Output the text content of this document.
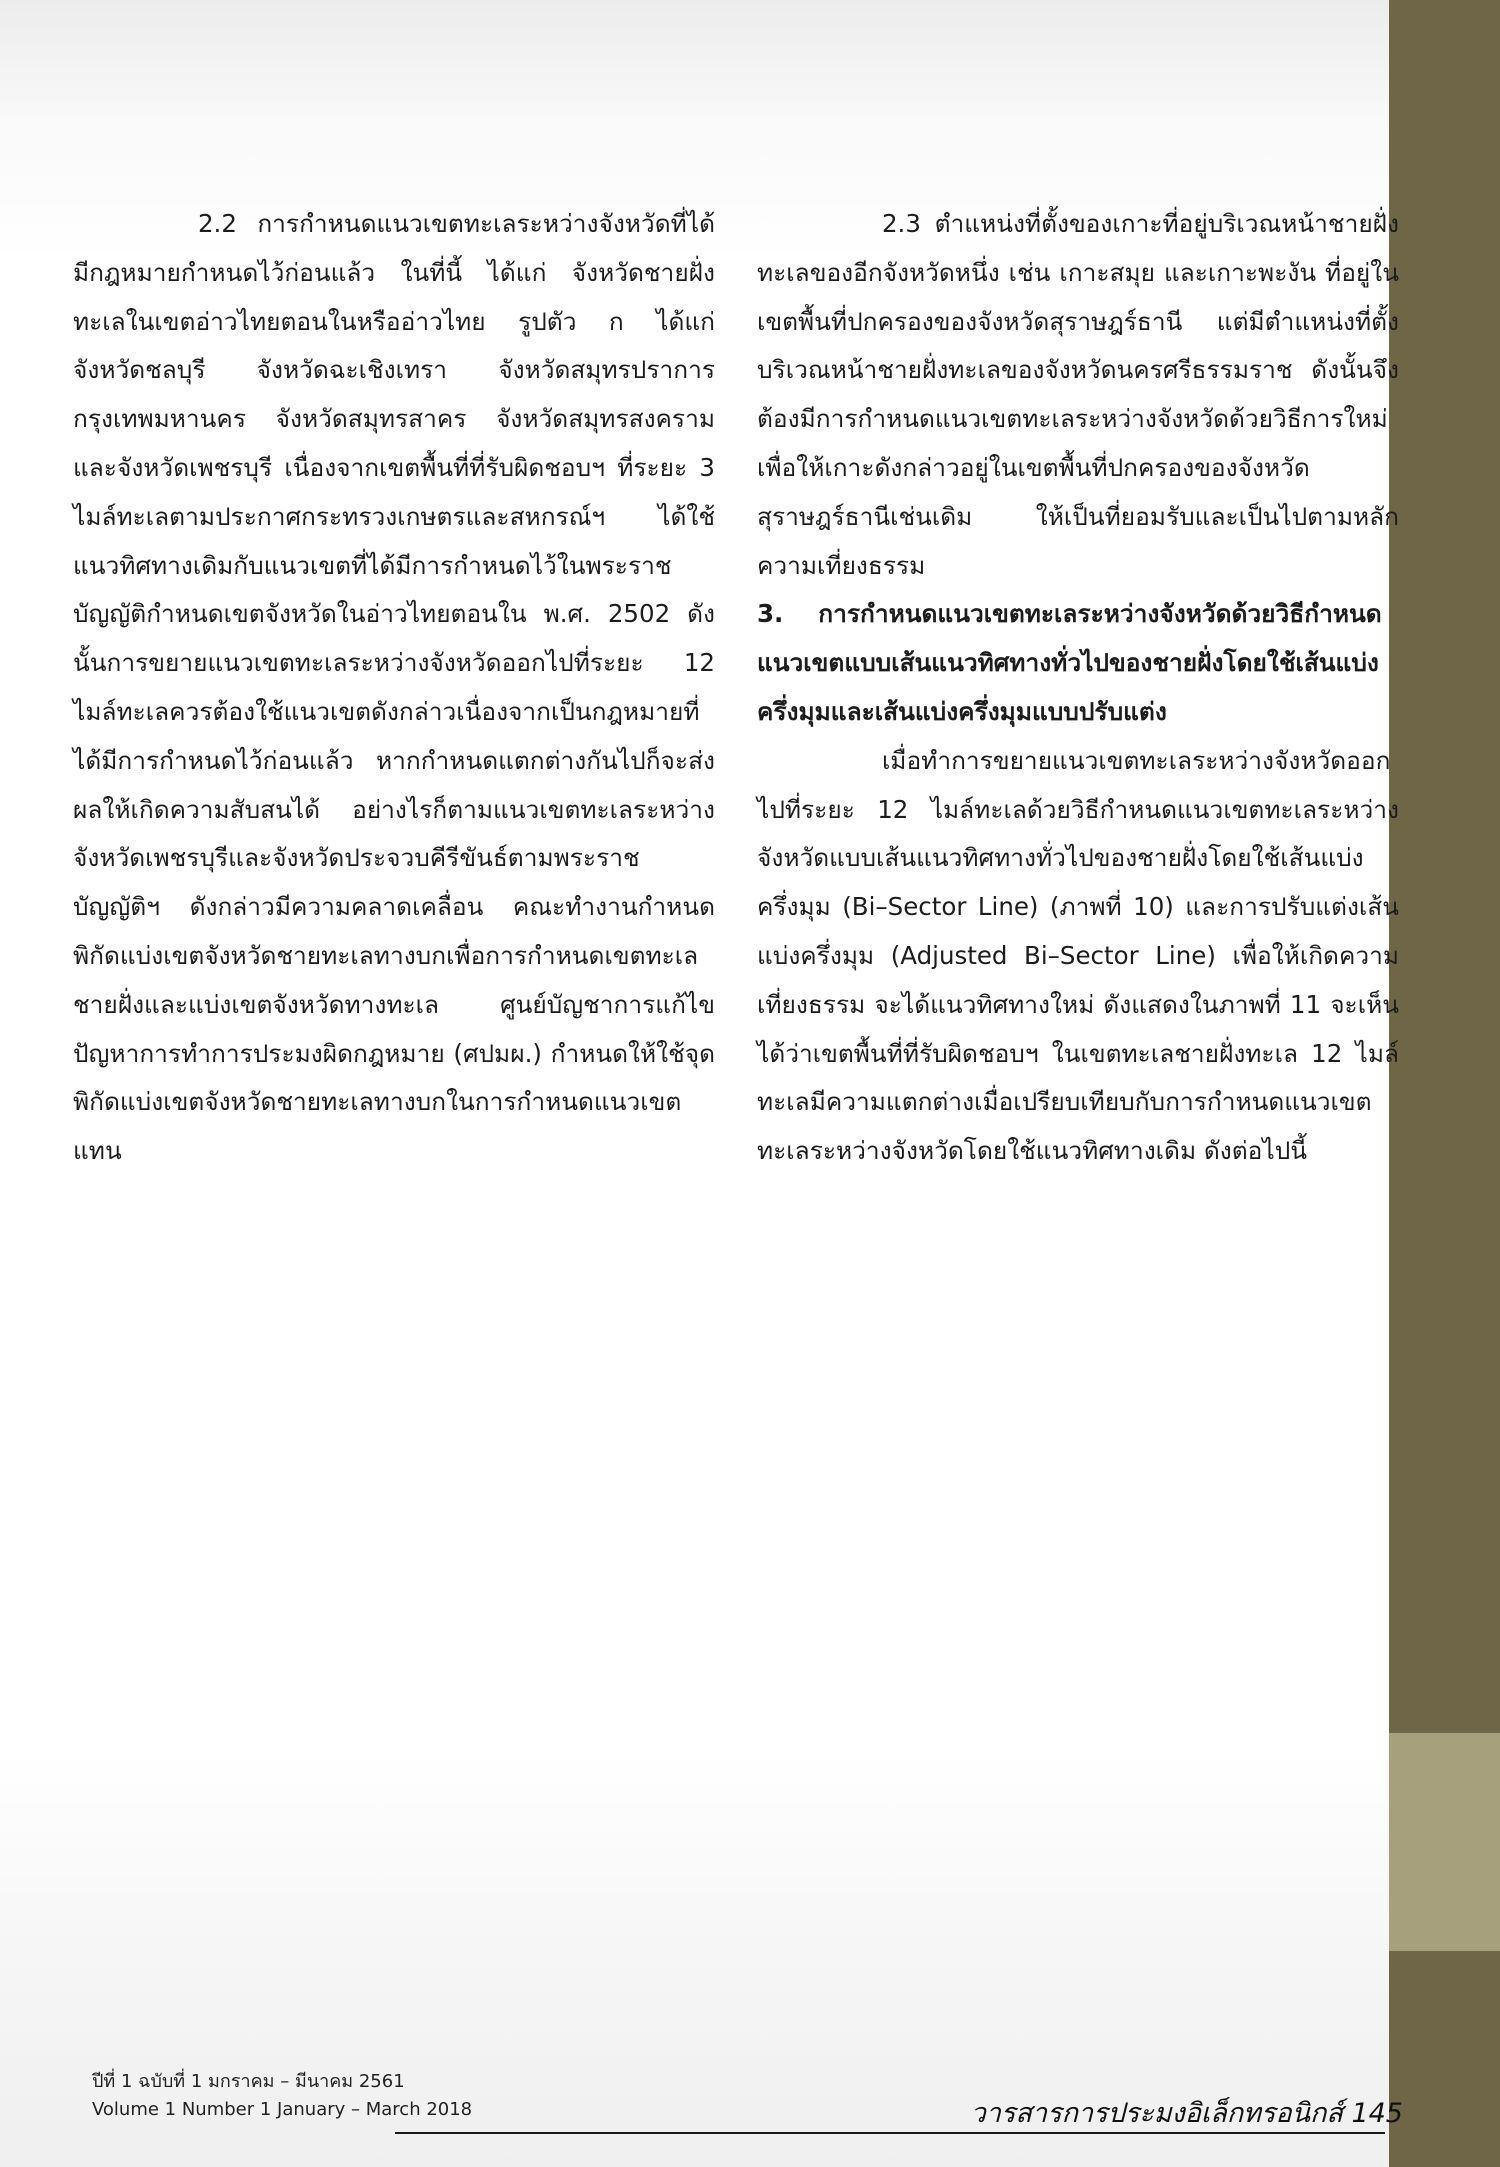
2.2 การกำหนดแนวเขตทะเลระหว่างจังหวัดที่ได้มีกฎหมายกำหนดไว้ก่อนแล้ว ในที่นี้ ได้แก่ จังหวัดชายฝั่งทะเลในเขตอ่าวไทยตอนในหรืออ่าวไทย รูปตัว ก ได้แก่ จังหวัดชลบุรี จังหวัดฉะเชิงเทรา จังหวัดสมุทรปราการ กรุงเทพมหานคร จังหวัดสมุทรสาคร จังหวัดสมุทรสงคราม และจังหวัดเพชรบุรี เนื่องจากเขตพื้นที่ที่รับผิดชอบฯ ที่ระยะ 3 ไมล์ทะเลตามประกาศกระทรวงเกษตรและสหกรณ์ฯ ได้ใช้แนวทิศทางเดิมกับแนวเขตที่ได้มีการกำหนดไว้ในพระราชบัญญัติกำหนดเขตจังหวัดในอ่าวไทยตอนใน พ.ศ. 2502 ดังนั้นการขยายแนวเขตทะเลระหว่างจังหวัดออกไปที่ระยะ 12 ไมล์ทะเลควรต้องใช้แนวเขตดังกล่าวเนื่องจากเป็นกฎหมายที่ได้มีการกำหนดไว้ก่อนแล้ว หากกำหนดแตกต่างกันไปก็จะส่งผลให้เกิดความสับสนได้ อย่างไรก็ตามแนวเขตทะเลระหว่างจังหวัดเพชรบุรีและจังหวัดประจวบคีรีขันธ์ตามพระราชบัญญัติฯ ดังกล่าวมีความคลาดเคลื่อน คณะทำงานกำหนดพิกัดแบ่งเขตจังหวัดชายทะเลทางบกเพื่อการกำหนดเขตทะเลชายฝั่งและแบ่งเขตจังหวัดทางทะเล ศูนย์บัญชาการแก้ไขปัญหาการทำการประมงผิดกฎหมาย (ศปมผ.) กำหนดให้ใช้จุดพิกัดแบ่งเขตจังหวัดชายทะเลทางบกในการกำหนดแนวเขตแทน

2.3 ตำแหน่งที่ตั้งของเกาะที่อยู่บริเวณหน้าชายฝั่งทะเลของอีกจังหวัดหนึ่ง เช่น เกาะสมุย และเกาะพะงัน ที่อยู่ในเขตพื้นที่ปกครองของจังหวัดสุราษฎร์ธานี แต่มีตำแหน่งที่ตั้งบริเวณหน้าชายฝั่งทะเลของจังหวัดนครศรีธรรมราช ดังนั้นจึงต้องมีการกำหนดแนวเขตทะเลระหว่างจังหวัดด้วยวิธีการใหม่เพื่อให้เกาะดังกล่าวอยู่ในเขตพื้นที่ปกครองของจังหวัดสุราษฎร์ธานีเช่นเดิม ให้เป็นที่ยอมรับและเป็นไปตามหลักความเที่ยงธรรม

3. การกำหนดแนวเขตทะเลระหว่างจังหวัดด้วยวิธีกำหนดแนวเขตแบบเส้นแนวทิศทางทั่วไปของชายฝั่งโดยใช้เส้นแบ่งครึ่งมุมและเส้นแบ่งครึ่งมุมแบบปรับแต่ง

เมื่อทำการขยายแนวเขตทะเลระหว่างจังหวัดออกไปที่ระยะ 12 ไมล์ทะเลด้วยวิธีกำหนดแนวเขตทะเลระหว่างจังหวัดแบบเส้นแนวทิศทางทั่วไปของชายฝั่งโดยใช้เส้นแบ่งครึ่งมุม (Bi–Sector Line) (ภาพที่ 10) และการปรับแต่งเส้นแบ่งครึ่งมุม (Adjusted Bi–Sector Line) เพื่อให้เกิดความ เที่ยงธรรม จะได้แนวทิศทางใหม่ ดังแสดงในภาพที่ 11 จะเห็นได้ว่าเขตพื้นที่ที่รับผิดชอบฯ ในเขตทะเลชายฝั่งทะเล 12 ไมล์ทะเลมีความแตกต่างเมื่อเปรียบเทียบกับการกำหนดแนวเขตทะเลระหว่างจังหวัดโดยใช้แนวทิศทางเดิม ดังต่อไปนี้

ปีที่ 1 ฉบับที่ 1 มกราคม – มีนาคม 2561
Volume 1 Number 1 January – March 2018	วารสารการประมงอิเล็กทรอนิกส์ 145
